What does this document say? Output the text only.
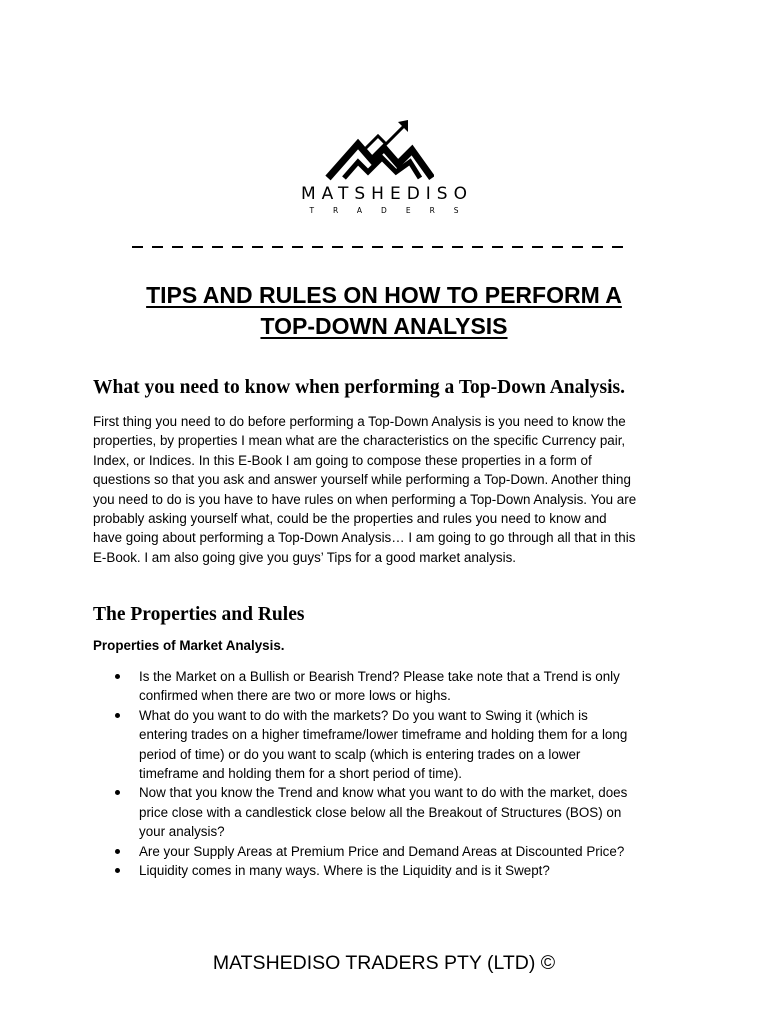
MATSHEDISO
TRADERS
TIPS AND RULES ON HOW TO PERFORM A
TOP-DOWN ANALYSIS
What you need to know when performing a Top-Down Analysis.
First thing you need to do before performing a Top-Down Analysis is you need to know the
properties, by properties I mean what are the characteristics on the specific Currency pair,
Index, or Indices. In this E-Book I am going to compose these properties in a form of
questions so that you ask and answer yourself while performing a Top-Down. Another thing
you need to do is you have to have rules on when performing a Top-Down Analysis. You are
probably asking yourself what, could be the properties and rules you need to know and
have going about performing a Top-Down Analysis… I am going to go through all that in this
E-Book. I am also going give you guys’ Tips for a good market analysis.
The Properties and Rules
Properties of Market Analysis.
Is the Market on a Bullish or Bearish Trend? Please take note that a Trend is only
confirmed when there are two or more lows or highs.
What do you want to do with the markets? Do you want to Swing it (which is
entering trades on a higher timeframe/lower timeframe and holding them for a long
period of time) or do you want to scalp (which is entering trades on a lower
timeframe and holding them for a short period of time).
Now that you know the Trend and know what you want to do with the market, does
price close with a candlestick close below all the Breakout of Structures (BOS) on
your analysis?
Are your Supply Areas at Premium Price and Demand Areas at Discounted Price?
Liquidity comes in many ways. Where is the Liquidity and is it Swept?
MATSHEDISO TRADERS PTY (LTD) ©
